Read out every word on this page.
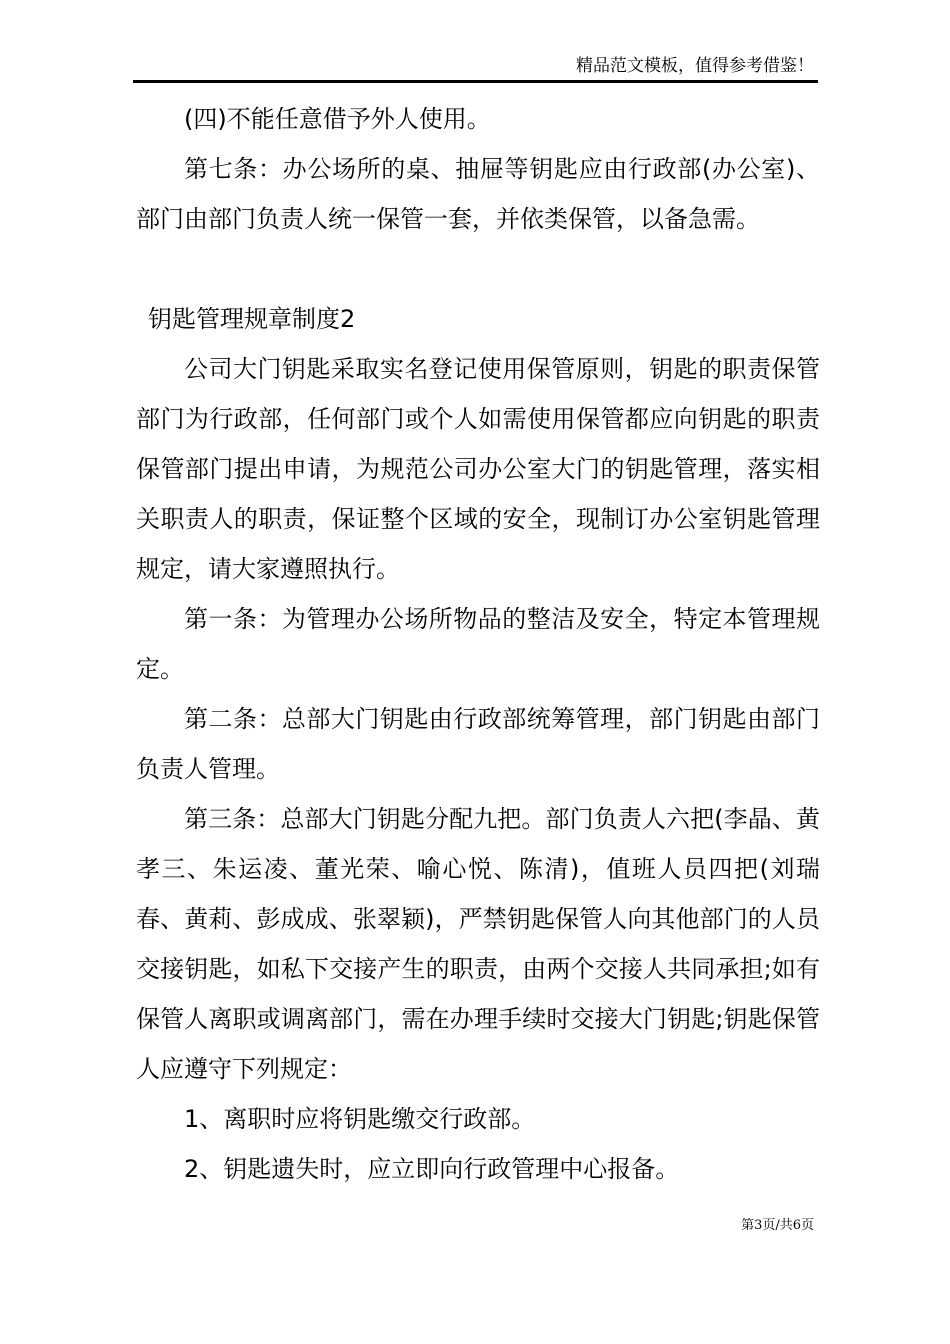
精品范文模板，值得参考借鉴！

(四)不能任意借予外人使用。

第七条：办公场所的桌、抽屉等钥匙应由行政部(办公室)、部门由部门负责人统一保管一套，并依类保管，以备急需。

钥匙管理规章制度2

公司大门钥匙采取实名登记使用保管原则，钥匙的职责保管部门为行政部，任何部门或个人如需使用保管都应向钥匙的职责保管部门提出申请，为规范公司办公室大门的钥匙管理，落实相关职责人的职责，保证整个区域的安全，现制订办公室钥匙管理规定，请大家遵照执行。

第一条：为管理办公场所物品的整洁及安全，特定本管理规定。

第二条：总部大门钥匙由行政部统筹管理，部门钥匙由部门负责人管理。

第三条：总部大门钥匙分配九把。部门负责人六把(李晶、黄孝三、朱运凌、董光荣、喻心悦、陈清)，值班人员四把(刘瑞春、黄莉、彭成成、张翠颖)，严禁钥匙保管人向其他部门的人员交接钥匙，如私下交接产生的职责，由两个交接人共同承担;如有保管人离职或调离部门，需在办理手续时交接大门钥匙;钥匙保管人应遵守下列规定：

1、离职时应将钥匙缴交行政部。

2、钥匙遗失时，应立即向行政管理中心报备。

第3页/共6页
